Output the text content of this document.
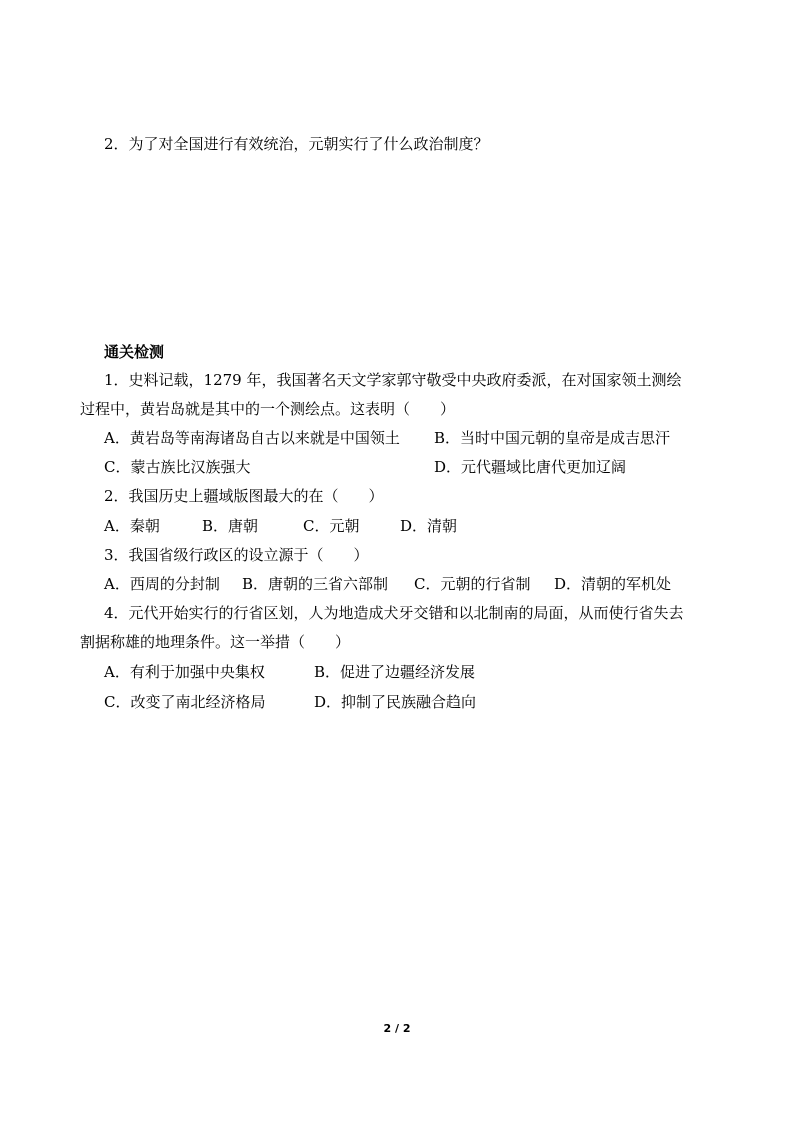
2．为了对全国进行有效统治，元朝实行了什么政治制度？
通关检测
1．史料记载，1279 年，我国著名天文学家郭守敬受中央政府委派，在对国家领土测绘
过程中，黄岩岛就是其中的一个测绘点。这表明（　　）
A．黄岩岛等南海诸岛自古以来就是中国领土 B．当时中国元朝的皇帝是成吉思汗
C．蒙古族比汉族强大	D．元代疆域比唐代更加辽阔
2．我国历史上疆域版图最大的在（　　）
A．秦朝	B．唐朝	C．元朝	D．清朝
3．我国省级行政区的设立源于（　　）
A．西周的分封制 B．唐朝的三省六部制 C．元朝的行省制 D．清朝的军机处
4．元代开始实行的行省区划，人为地造成犬牙交错和以北制南的局面，从而使行省失去
割据称雄的地理条件。这一举措（　　）
A．有利于加强中央集权	B．促进了边疆经济发展
C．改变了南北经济格局	D．抑制了民族融合趋向
2 / 2
